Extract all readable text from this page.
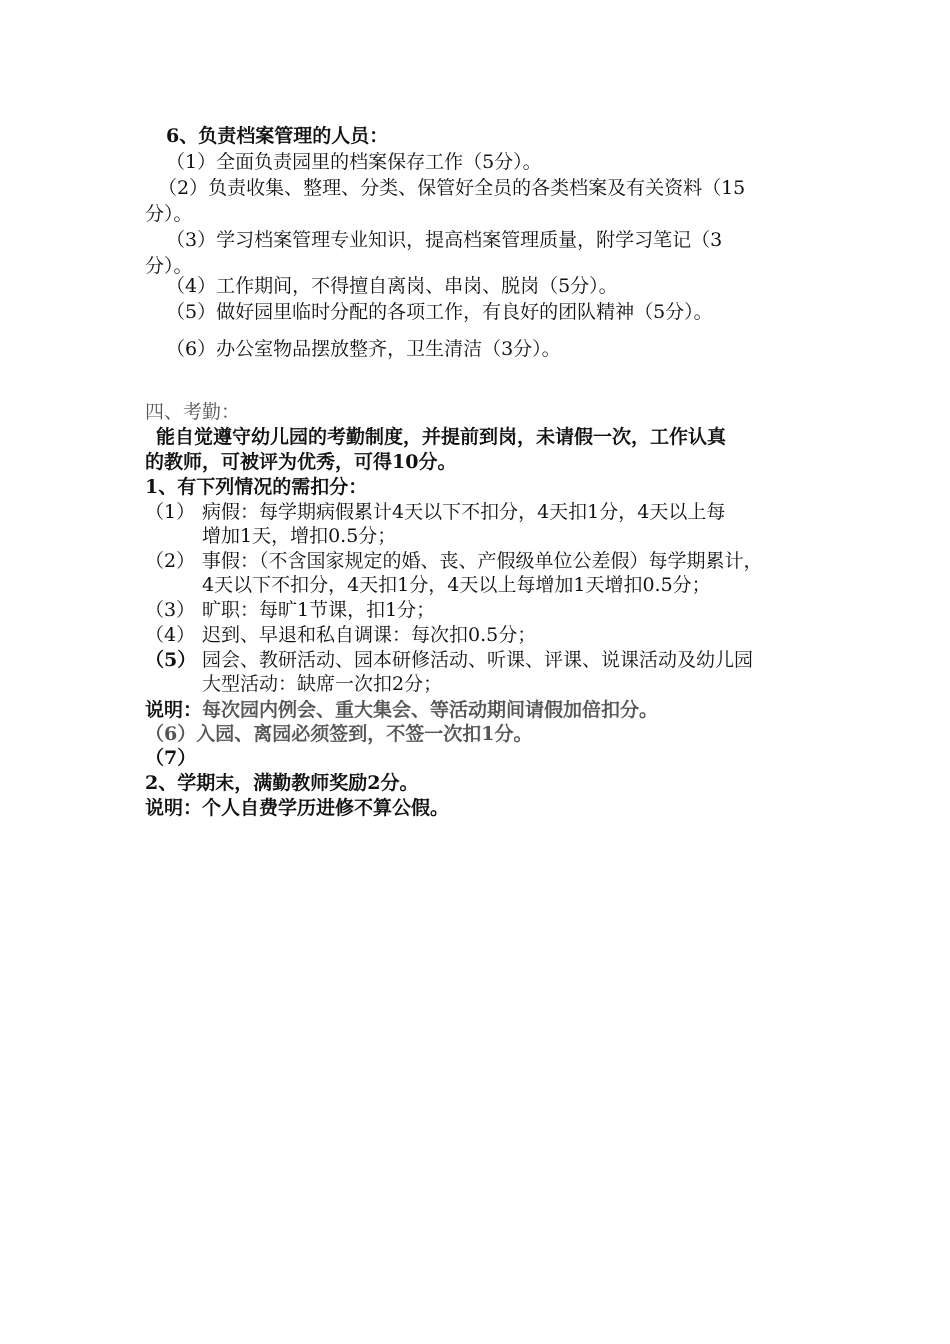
6、负责档案管理的人员：

（1）全面负责园里的档案保存工作（5分）。

（2）负责收集、整理、分类、保管好全员的各类档案及有关资料（15

分）。

（3）学习档案管理专业知识，提高档案管理质量，附学习笔记（3

分）。

（4）工作期间，不得擅自离岗、串岗、脱岗（5分）。

（5）做好园里临时分配的各项工作，有良好的团队精神（5分）。

（6）办公室物品摆放整齐，卫生清洁（3分）。

四、考勤：

能自觉遵守幼儿园的考勤制度，并提前到岗，未请假一次，工作认真

的教师，可被评为优秀，可得10分。

1、有下列情况的需扣分：

（1） 病假：每学期病假累计4天以下不扣分，4天扣1分，4天以上每

增加1天，增扣0.5分；

（2） 事假：（不含国家规定的婚、丧、产假级单位公差假）每学期累计，

4天以下不扣分，4天扣1分，4天以上每增加1天增扣0.5分；

（3） 旷职：每旷1节课，扣1分；

（4） 迟到、早退和私自调课：每次扣0.5分；

（5） 园会、教研活动、园本研修活动、听课、评课、说课活动及幼儿园

大型活动：缺席一次扣2分；

说明：每次园内例会、重大集会、等活动期间请假加倍扣分。

（6）入园、离园必须签到，不签一次扣1分。

（7）

2、学期末，满勤教师奖励2分。

说明：个人自费学历进修不算公假。
